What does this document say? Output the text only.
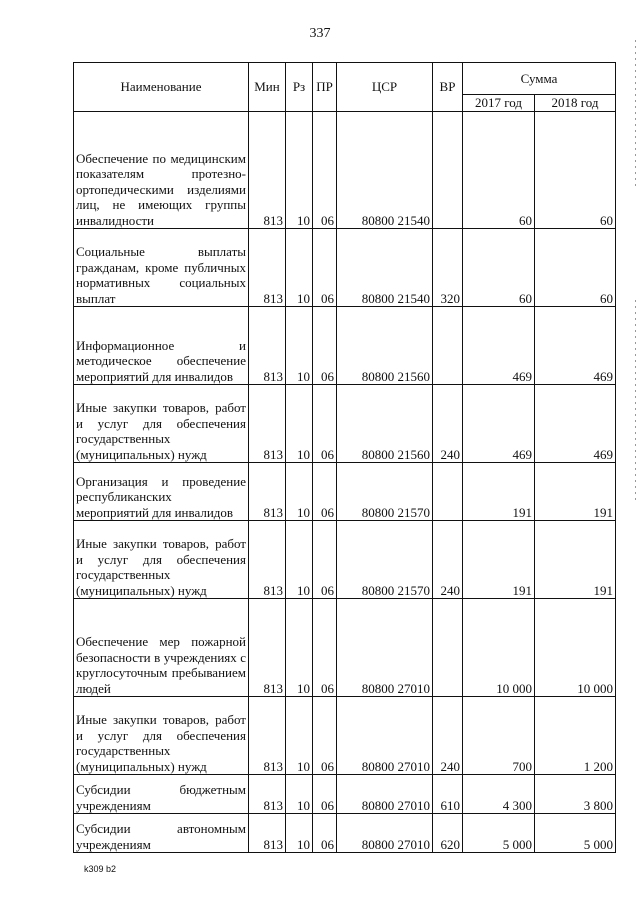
337
Наименование	Мин	Рз	ПР	ЦСР	ВР	Сумма	
						2017 год	2018 год
Обеспечение по медицинским показателям протезно-ортопедическими изделиями лиц, не имеющих группы инвалидности	813	10	06	80800 21540		60	60
Социальные выплаты гражданам, кроме публичных нормативных социальных выплат	813	10	06	80800 21540	320	60	60
Информационное и методическое обеспечение мероприятий для инвалидов	813	10	06	80800 21560		469	469
Иные закупки товаров, работ и услуг для обеспечения государственных (муниципальных) нужд	813	10	06	80800 21560	240	469	469
Организация и проведение республиканских мероприятий для инвалидов	813	10	06	80800 21570		191	191
Иные закупки товаров, работ и услуг для обеспечения государственных (муниципальных) нужд	813	10	06	80800 21570	240	191	191
Обеспечение мер пожарной безопасности в учреждениях с круглосуточным пребыванием людей	813	10	06	80800 27010		10 000	10 000
Иные закупки товаров, работ и услуг для обеспечения государственных (муниципальных) нужд	813	10	06	80800 27010	240	700	1 200
Субсидии бюджетным учреждениям	813	10	06	80800 27010	610	4 300	3 800
Субсидии автономным учреждениям	813	10	06	80800 27010	620	5 000	5 000
k309 b2
